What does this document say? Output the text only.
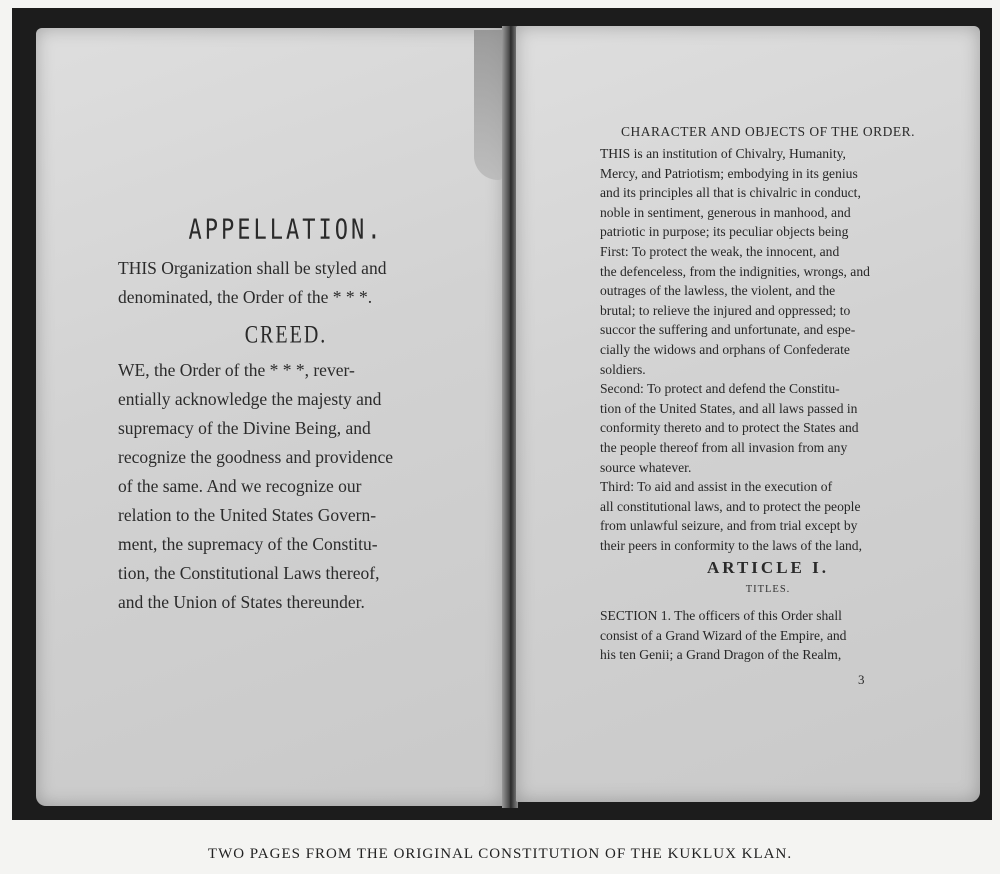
APPELLATION.
THIS Organization shall be styled and
denominated, the Order of the * * *.
CREED.
WE, the Order of the * * *, rever-
entially acknowledge the majesty and
supremacy of the Divine Being, and
recognize the goodness and providence
of the same. And we recognize our
relation to the United States Govern-
ment, the supremacy of the Constitu-
tion, the Constitutional Laws thereof,
and the Union of States thereunder.
CHARACTER AND OBJECTS OF THE ORDER.
THIS is an institution of Chivalry, Humanity,
Mercy, and Patriotism; embodying in its genius
and its principles all that is chivalric in conduct,
noble in sentiment, generous in manhood, and
patriotic in purpose; its peculiar objects being
First: To protect the weak, the innocent, and
the defenceless, from the indignities, wrongs, and
outrages of the lawless, the violent, and the
brutal; to relieve the injured and oppressed; to
succor the suffering and unfortunate, and espe-
cially the widows and orphans of Confederate
soldiers.
Second: To protect and defend the Constitu-
tion of the United States, and all laws passed in
conformity thereto and to protect the States and
the people thereof from all invasion from any
source whatever.
Third: To aid and assist in the execution of
all constitutional laws, and to protect the people
from unlawful seizure, and from trial except by
their peers in conformity to the laws of the land,
ARTICLE I.
TITLES.
SECTION 1. The officers of this Order shall
consist of a Grand Wizard of the Empire, and
his ten Genii; a Grand Dragon of the Realm,
3
TWO PAGES FROM THE ORIGINAL CONSTITUTION OF THE KUKLUX KLAN.
